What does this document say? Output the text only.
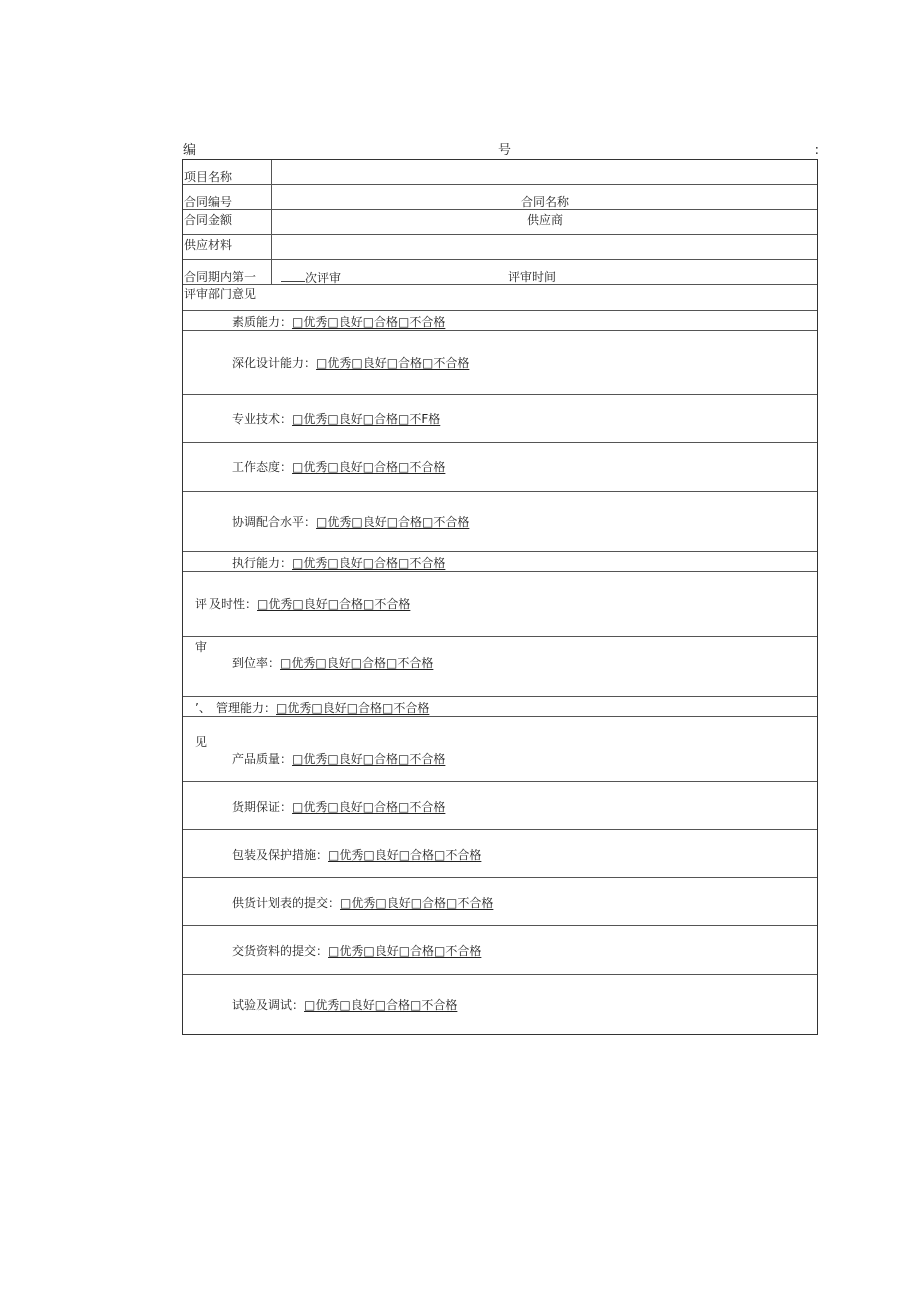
编	号	:
项目名称
合同编号	合同名称
合同金额	供应商
供应材料
合同期内第一	次评审	评审时间
评审部门意见
素质能力：□优秀□良好□合格□不合格
深化设计能力：□优秀□良好□合格□不合格
专业技术：□优秀□良好□合格□不F格
工作态度：□优秀□良好□合格□不合格
协调配合水平：□优秀□良好□合格□不合格
执行能力：□优秀□良好□合格□不合格
评 及时性：□优秀□良好□合格□不合格
审
到位率：□优秀□良好□合格□不合格
’、 管理能力：□优秀□良好□合格□不合格
见
产品质量：□优秀□良好□合格□不合格
货期保证：□优秀□良好□合格□不合格
包装及保护措施：□优秀□良好□合格□不合格
供货计划表的提交：□优秀□良好□合格□不合格
交货资料的提交：□优秀□良好□合格□不合格
试验及调试：□优秀□良好□合格□不合格
